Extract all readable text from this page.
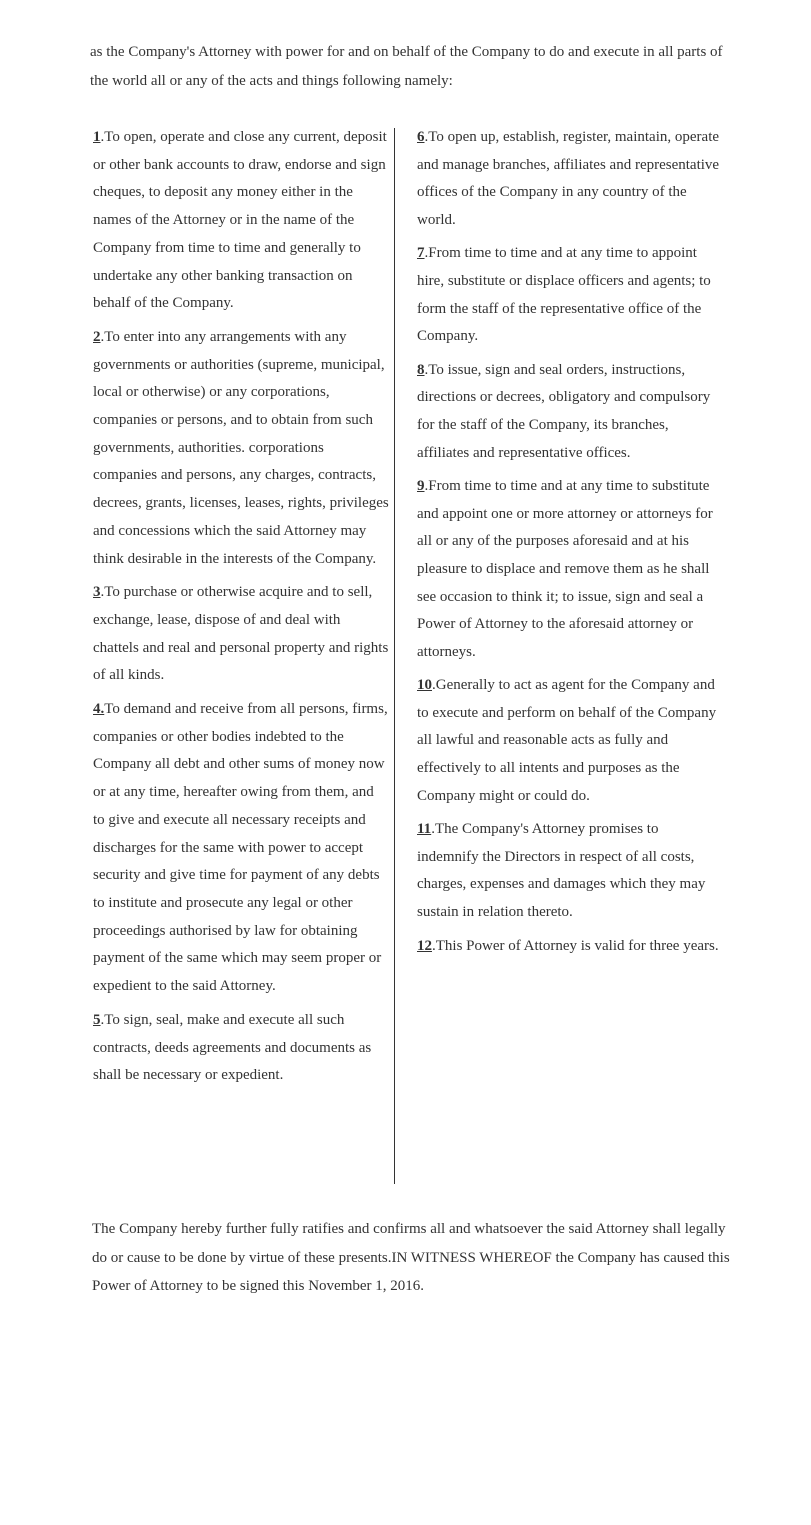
as the Company's Attorney with power for and on behalf of the Company to do and execute in all parts of the world all or any of the acts and things following namely:

1.To open, operate and close any current, deposit or other bank accounts to draw, endorse and sign cheques, to deposit any money either in the names of the Attorney or in the name of the Company from time to time and generally to undertake any other banking transaction on behalf of the Company.

2.To enter into any arrangements with any governments or authorities (supreme, municipal, local or otherwise) or any corporations, companies or persons, and to obtain from such governments, authorities. corporations companies and persons, any charges, contracts, decrees, grants, licenses, leases, rights, privileges and concessions which the said Attorney may think desirable in the interests of the Company.

3.To purchase or otherwise acquire and to sell, exchange, lease, dispose of and deal with chattels and real and personal property and rights of all kinds.

4.To demand and receive from all persons, firms, companies or other bodies indebted to the Company all debt and other sums of money now or at any time, hereafter owing from them, and to give and execute all necessary receipts and discharges for the same with power to accept security and give time for payment of any debts to institute and prosecute any legal or other proceedings authorised by law for obtaining payment of the same which may seem proper or expedient to the said Attorney.

5.To sign, seal, make and execute all such contracts, deeds agreements and documents as shall be necessary or expedient.

6.To open up, establish, register, maintain, operate and manage branches, affiliates and representative offices of the Company in any country of the world.

7.From time to time and at any time to appoint hire, substitute or displace officers and agents; to form the staff of the representative office of the Company.

8.To issue, sign and seal orders, instructions, directions or decrees, obligatory and compulsory for the staff of the Company, its branches, affiliates and representative offices.

9.From time to time and at any time to substitute and appoint one or more attorney or attorneys for all or any of the purposes aforesaid and at his pleasure to displace and remove them as he shall see occasion to think it; to issue, sign and seal a Power of Attorney to the aforesaid attorney or attorneys.

10.Generally to act as agent for the Company and to execute and perform on behalf of the Company all lawful and reasonable acts as fully and effectively to all intents and purposes as the Company might or could do.

11.The Company's Attorney promises to indemnify the Directors in respect of all costs, charges, expenses and damages which they may sustain in relation thereto.

12.This Power of Attorney is valid for three years.

The Company hereby further fully ratifies and confirms all and whatsoever the said Attorney shall legally do or cause to be done by virtue of these presents.IN WITNESS WHEREOF the Company has caused this Power of Attorney to be signed this November 1, 2016.
